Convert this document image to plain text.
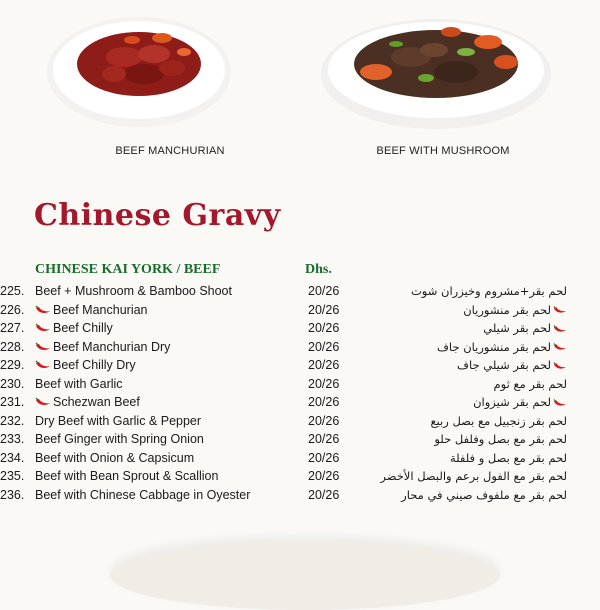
BEEF MANCHURIAN	BEEF WITH MUSHROOM
Chinese Gravy
CHINESE KAI YORK / BEEF	Dhs.
225. Beef + Mushroom & Bamboo Shoot	20/26	لحم بقر+مشروم وخيزران شوت
226.	Beef Manchurian	20/26	لحم بقر منشوريان
227.	Beef Chilly	20/26	لحم بقر شيلي
228.	Beef Manchurian Dry	20/26	لحم بقر منشوريان جاف
229.	Beef Chilly Dry	20/26	لحم بقر شيلي جاف
230. Beef with Garlic	20/26	لحم بقر مع ثوم
231.	Schezwan Beef	20/26	لحم بقر شيزوان
232. Dry Beef with Garlic & Pepper	20/26	لحم بقر زنجبيل مع بصل ربيع
233. Beef Ginger with Spring Onion	20/26	لحم بقر مع بصل وفلفل حلو
234. Beef with Onion & Capsicum	20/26	لحم بقر مع بصل و فلفلة
235. Beef with Bean Sprout & Scallion	20/26	لحم بقر مع الفول برعم والبصل الأخضر
236. Beef with Chinese Cabbage in Oyester	20/26	لحم بقر مع ملفوف صيني في محار
